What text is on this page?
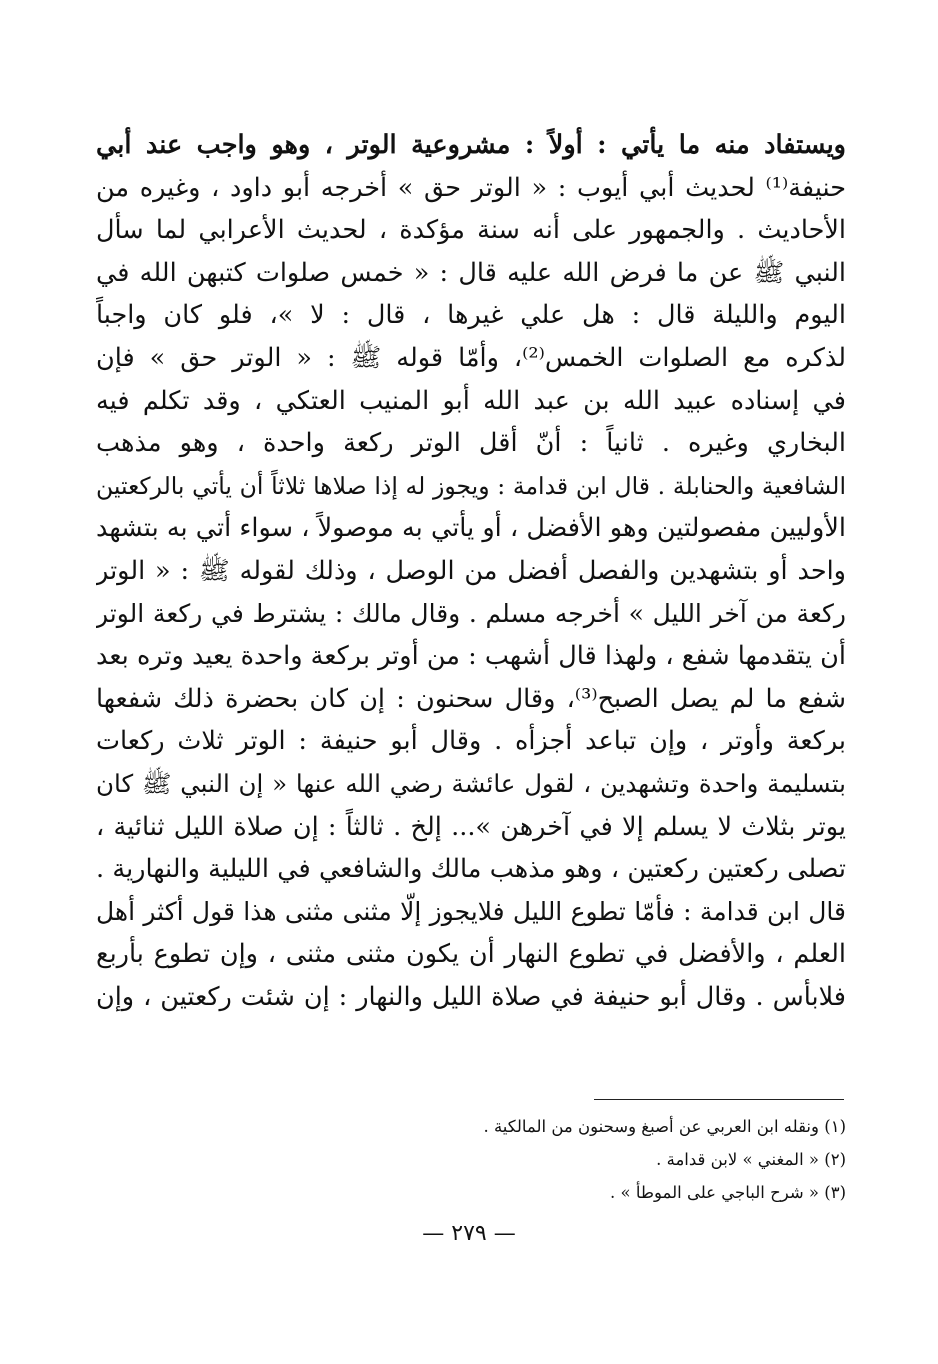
ويستفاد منه ما يأتي : أولاً : مشروعية الوتر ، وهو واجب عند أبي
حنيفة⁽¹⁾ لحديث أبي أيوب : « الوتر حق » أخرجه أبو داود ، وغيره من
الأحاديث . والجمهور على أنه سنة مؤكدة ، لحديث الأعرابي لما سأل
النبي ﷺ عن ما فرض الله عليه قال : « خمس صلوات كتبهن الله في
اليوم والليلة قال : هل علي غيرها ، قال : لا »، فلو كان واجباً
لذكره مع الصلوات الخمس⁽²⁾، وأمّا قوله ﷺ : « الوتر حق » فإن
في إسناده عبيد الله بن عبد الله أبو المنيب العتكي ، وقد تكلم فيه
البخاري وغيره . ثانياً : أنّ أقل الوتر ركعة واحدة ، وهو مذهب
الشافعية والحنابلة . قال ابن قدامة : ويجوز له إذا صلاها ثلاثاً أن يأتي بالركعتين
الأوليين مفصولتين وهو الأفضل ، أو يأتي به موصولاً ، سواء أتي به بتشهد
واحد أو بتشهدين والفصل أفضل من الوصل ، وذلك لقوله ﷺ : « الوتر
ركعة من آخر الليل » أخرجه مسلم . وقال مالك : يشترط في ركعة الوتر
أن يتقدمها شفع ، ولهذا قال أشهب : من أوتر بركعة واحدة يعيد وتره بعد
شفع ما لم يصل الصبح⁽³⁾، وقال سحنون : إن كان بحضرة ذلك شفعها
بركعة وأوتر ، وإن تباعد أجزأه . وقال أبو حنيفة : الوتر ثلاث ركعات
بتسليمة واحدة وتشهدين ، لقول عائشة رضي الله عنها « إن النبي ﷺ كان
يوتر بثلاث لا يسلم إلا في آخرهن »... إلخ . ثالثاً : إن صلاة الليل ثنائية ،
تصلى ركعتين ركعتين ، وهو مذهب مالك والشافعي في الليلية والنهارية .
قال ابن قدامة : فأمّا تطوع الليل فلايجوز إلّا مثنى مثنى هذا قول أكثر أهل
العلم ، والأفضل في تطوع النهار أن يكون مثنى مثنى ، وإن تطوع بأربع
فلابأس . وقال أبو حنيفة في صلاة الليل والنهار : إن شئت ركعتين ، وإن
(١) ونقله ابن العربي عن أصبغ وسحنون من المالكية .
(٢) « المغني » لابن قدامة .
(٣) « شرح الباجي على الموطأ » .
— ٢٧٩ —
